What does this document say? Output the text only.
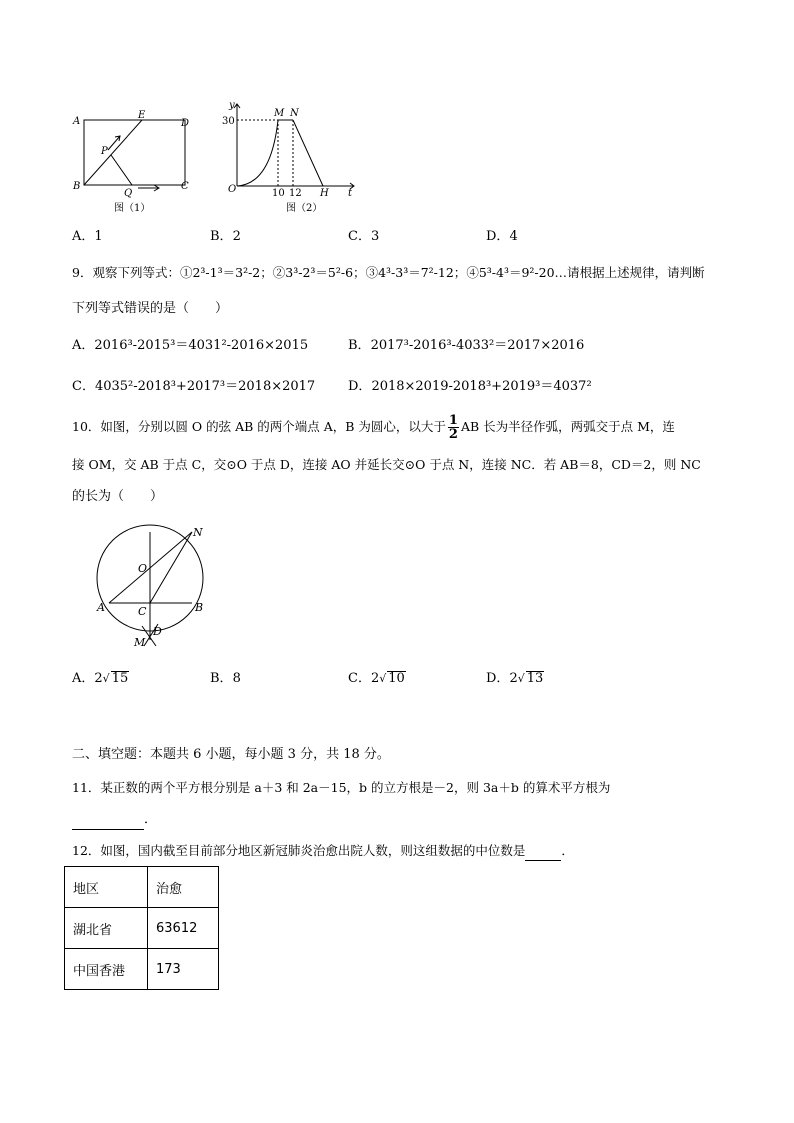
A
E
D
P
B
Q
C
图（1）
y
M N
30
O	10 12 H t
图（2）
A．1	B．2	C．3	D．4
9．观察下列等式：①2³-1³＝3²-2；②3³-2³＝5²-6；③4³-3³＝7²-12；④5³-4³＝9²-20…请根据上述规律，请判断
下列等式错误的是（　　）
A．2016³-2015³＝4031²-2016×2015	B．2017³-2016³-4033²＝2017×2016
C．4035²-2018³+2017³＝2018×2017	D．2018×2019-2018³+2019³＝4037²
10．如图，分别以圆 O 的弦 AB 的两个端点 A，B 为圆心，以大于 $\frac{1}{2}$ AB 长为半径作弧，两弧交于点 M，连
接 OM，交 AB 于点 C，交⊙O 于点 D，连接 AO 并延长交⊙O 于点 N，连接 NC．若 AB＝8，CD＝2，则 NC
的长为（　　）
N
O
A	C	B
D
M
A．2√ 15	B．8	C．2√ 10	D．2√ 13
二、填空题：本题共 6 小题，每小题 3 分，共 18 分。
11．某正数的两个平方根分别是 a＋3 和 2a－15，b 的立方根是－2，则 3a＋b 的算术平方根为
．
12．如图，国内截至目前部分地区新冠肺炎治愈出院人数，则这组数据的中位数是	．
地区	治愈
湖北省	63612
中国香港	173
